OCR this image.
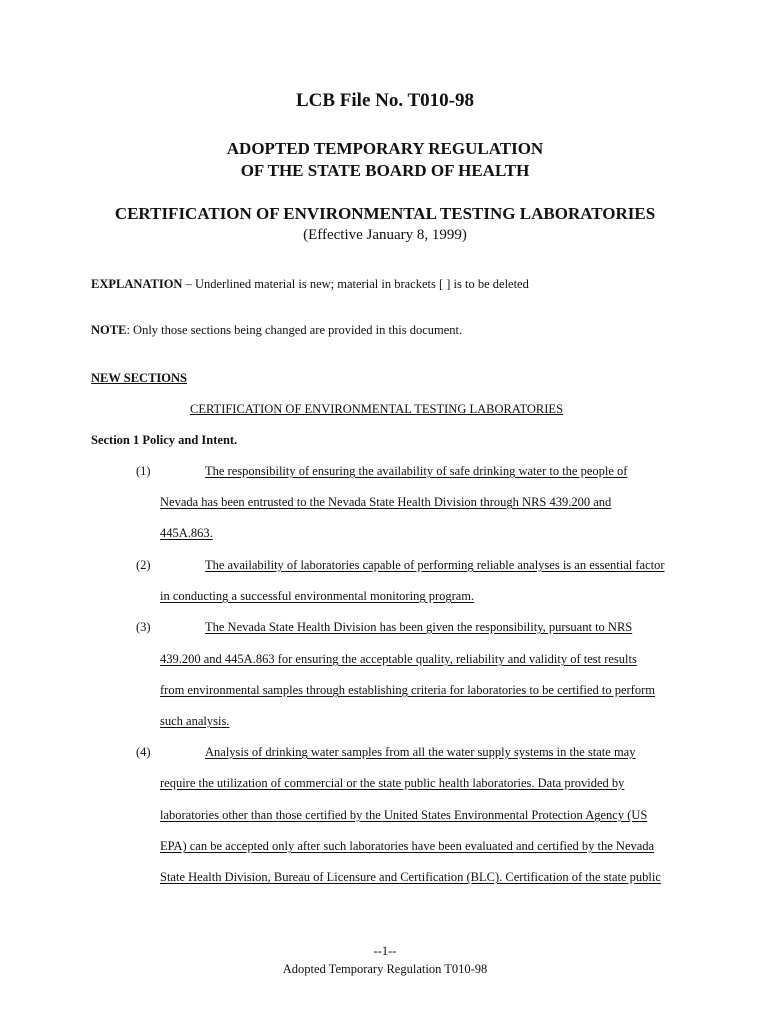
LCB File No. T010-98
ADOPTED TEMPORARY REGULATION
OF THE STATE BOARD OF HEALTH
CERTIFICATION OF ENVIRONMENTAL TESTING LABORATORIES
(Effective January 8, 1999)
EXPLANATION – Underlined material is new; material in brackets [ ] is to be deleted
NOTE: Only those sections being changed are provided in this document.
NEW SECTIONS
CERTIFICATION OF ENVIRONMENTAL TESTING LABORATORIES
Section 1 Policy and Intent.
(1)	The responsibility of ensuring the availability of safe drinking water to the people of
Nevada has been entrusted to the Nevada State Health Division through NRS 439.200 and
445A.863.
(2)	The availability of laboratories capable of performing reliable analyses is an essential factor
in conducting a successful environmental monitoring program.
(3)	The Nevada State Health Division has been given the responsibility, pursuant to NRS
439.200 and 445A.863 for ensuring the acceptable quality, reliability and validity of test results
from environmental samples through establishing criteria for laboratories to be certified to perform
such analysis.
(4)	Analysis of drinking water samples from all the water supply systems in the state may
require the utilization of commercial or the state public health laboratories. Data provided by
laboratories other than those certified by the United States Environmental Protection Agency (US
EPA) can be accepted only after such laboratories have been evaluated and certified by the Nevada
State Health Division, Bureau of Licensure and Certification (BLC). Certification of the state public
--1--
Adopted Temporary Regulation T010-98
